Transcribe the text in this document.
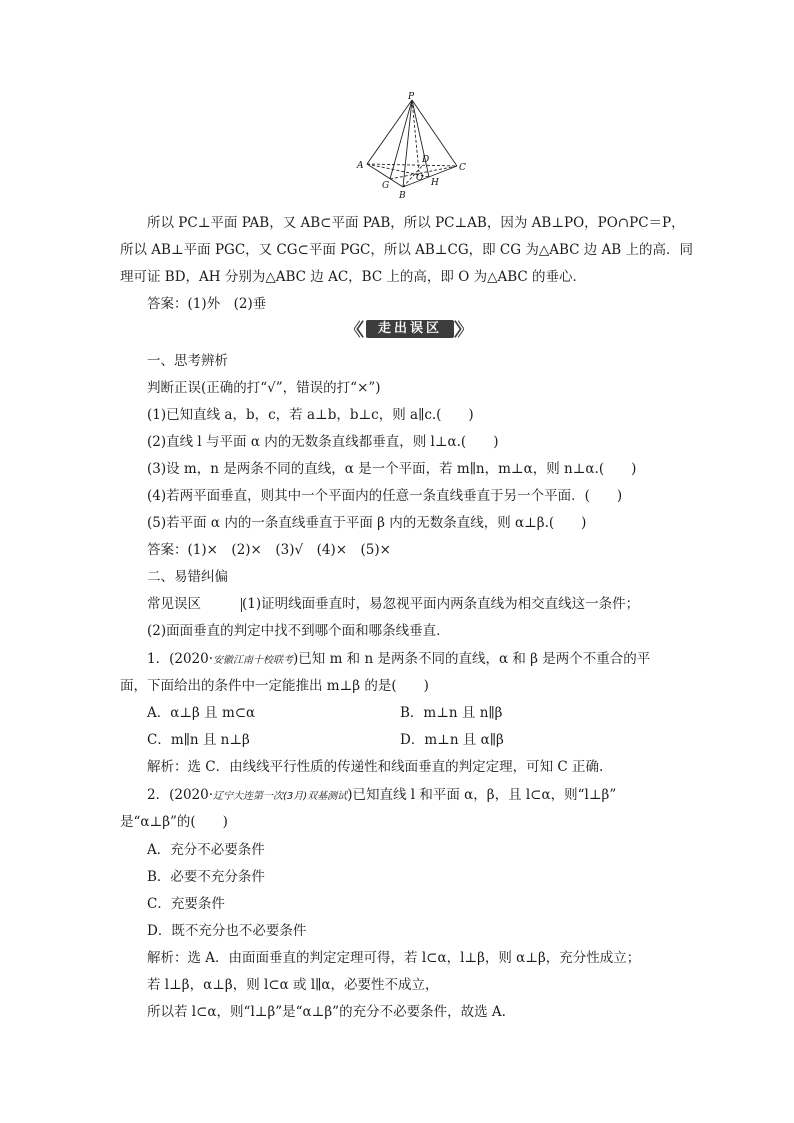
P
A
B
C
D
G	H
O
所以 PC⊥平面 PAB，又 AB⊂平面 PAB，所以 PC⊥AB，因为 AB⊥PO，PO∩PC＝P，
所以 AB⊥平面 PGC，又 CG⊂平面 PGC，所以 AB⊥CG，即 CG 为△ABC 边 AB 上的高．同
理可证 BD，AH 分别为△ABC 边 AC，BC 上的高，即 O 为△ABC 的垂心．
答案：(1)外　(2)垂
走出误区
一、思考辨析
判断正误(正确的打“√”，错误的打“×”)
(1)已知直线 a，b，c，若 a⊥b，b⊥c，则 a∥c.(　　)
(2)直线 l 与平面 α 内的无数条直线都垂直，则 l⊥α.(　　)
(3)设 m，n 是两条不同的直线，α 是一个平面，若 m∥n，m⊥α，则 n⊥α.(　　)
(4)若两平面垂直，则其中一个平面内的任意一条直线垂直于另一个平面．(　　)
(5)若平面 α 内的一条直线垂直于平面 β 内的无数条直线，则 α⊥β.(　　)
答案：(1)×　(2)×　(3)√　(4)×　(5)×
二、易错纠偏
常见误区	(1)证明线面垂直时，易忽视平面内两条直线为相交直线这一条件；
(2)面面垂直的判定中找不到哪个面和哪条线垂直．
1．(2020·安徽江南十校联考)已知 m 和 n 是两条不同的直线，α 和 β 是两个不重合的平
面，下面给出的条件中一定能推出 m⊥β 的是(　　)
A．α⊥β 且 m⊂α	B．m⊥n 且 n∥β
C．m∥n 且 n⊥β	D．m⊥n 且 α∥β
解析：选 C．由线线平行性质的传递性和线面垂直的判定定理，可知 C 正确.
2．(2020·辽宁大连第一次(3月)双基测试)已知直线 l 和平面 α，β，且 l⊂α，则“l⊥β”
是“α⊥β”的(　　)
A．充分不必要条件
B．必要不充分条件
C．充要条件
D．既不充分也不必要条件
解析：选 A．由面面垂直的判定定理可得，若 l⊂α，l⊥β，则 α⊥β，充分性成立；
若 l⊥β，α⊥β，则 l⊂α 或 l∥α，必要性不成立，
所以若 l⊂α，则“l⊥β”是“α⊥β”的充分不必要条件，故选 A.
